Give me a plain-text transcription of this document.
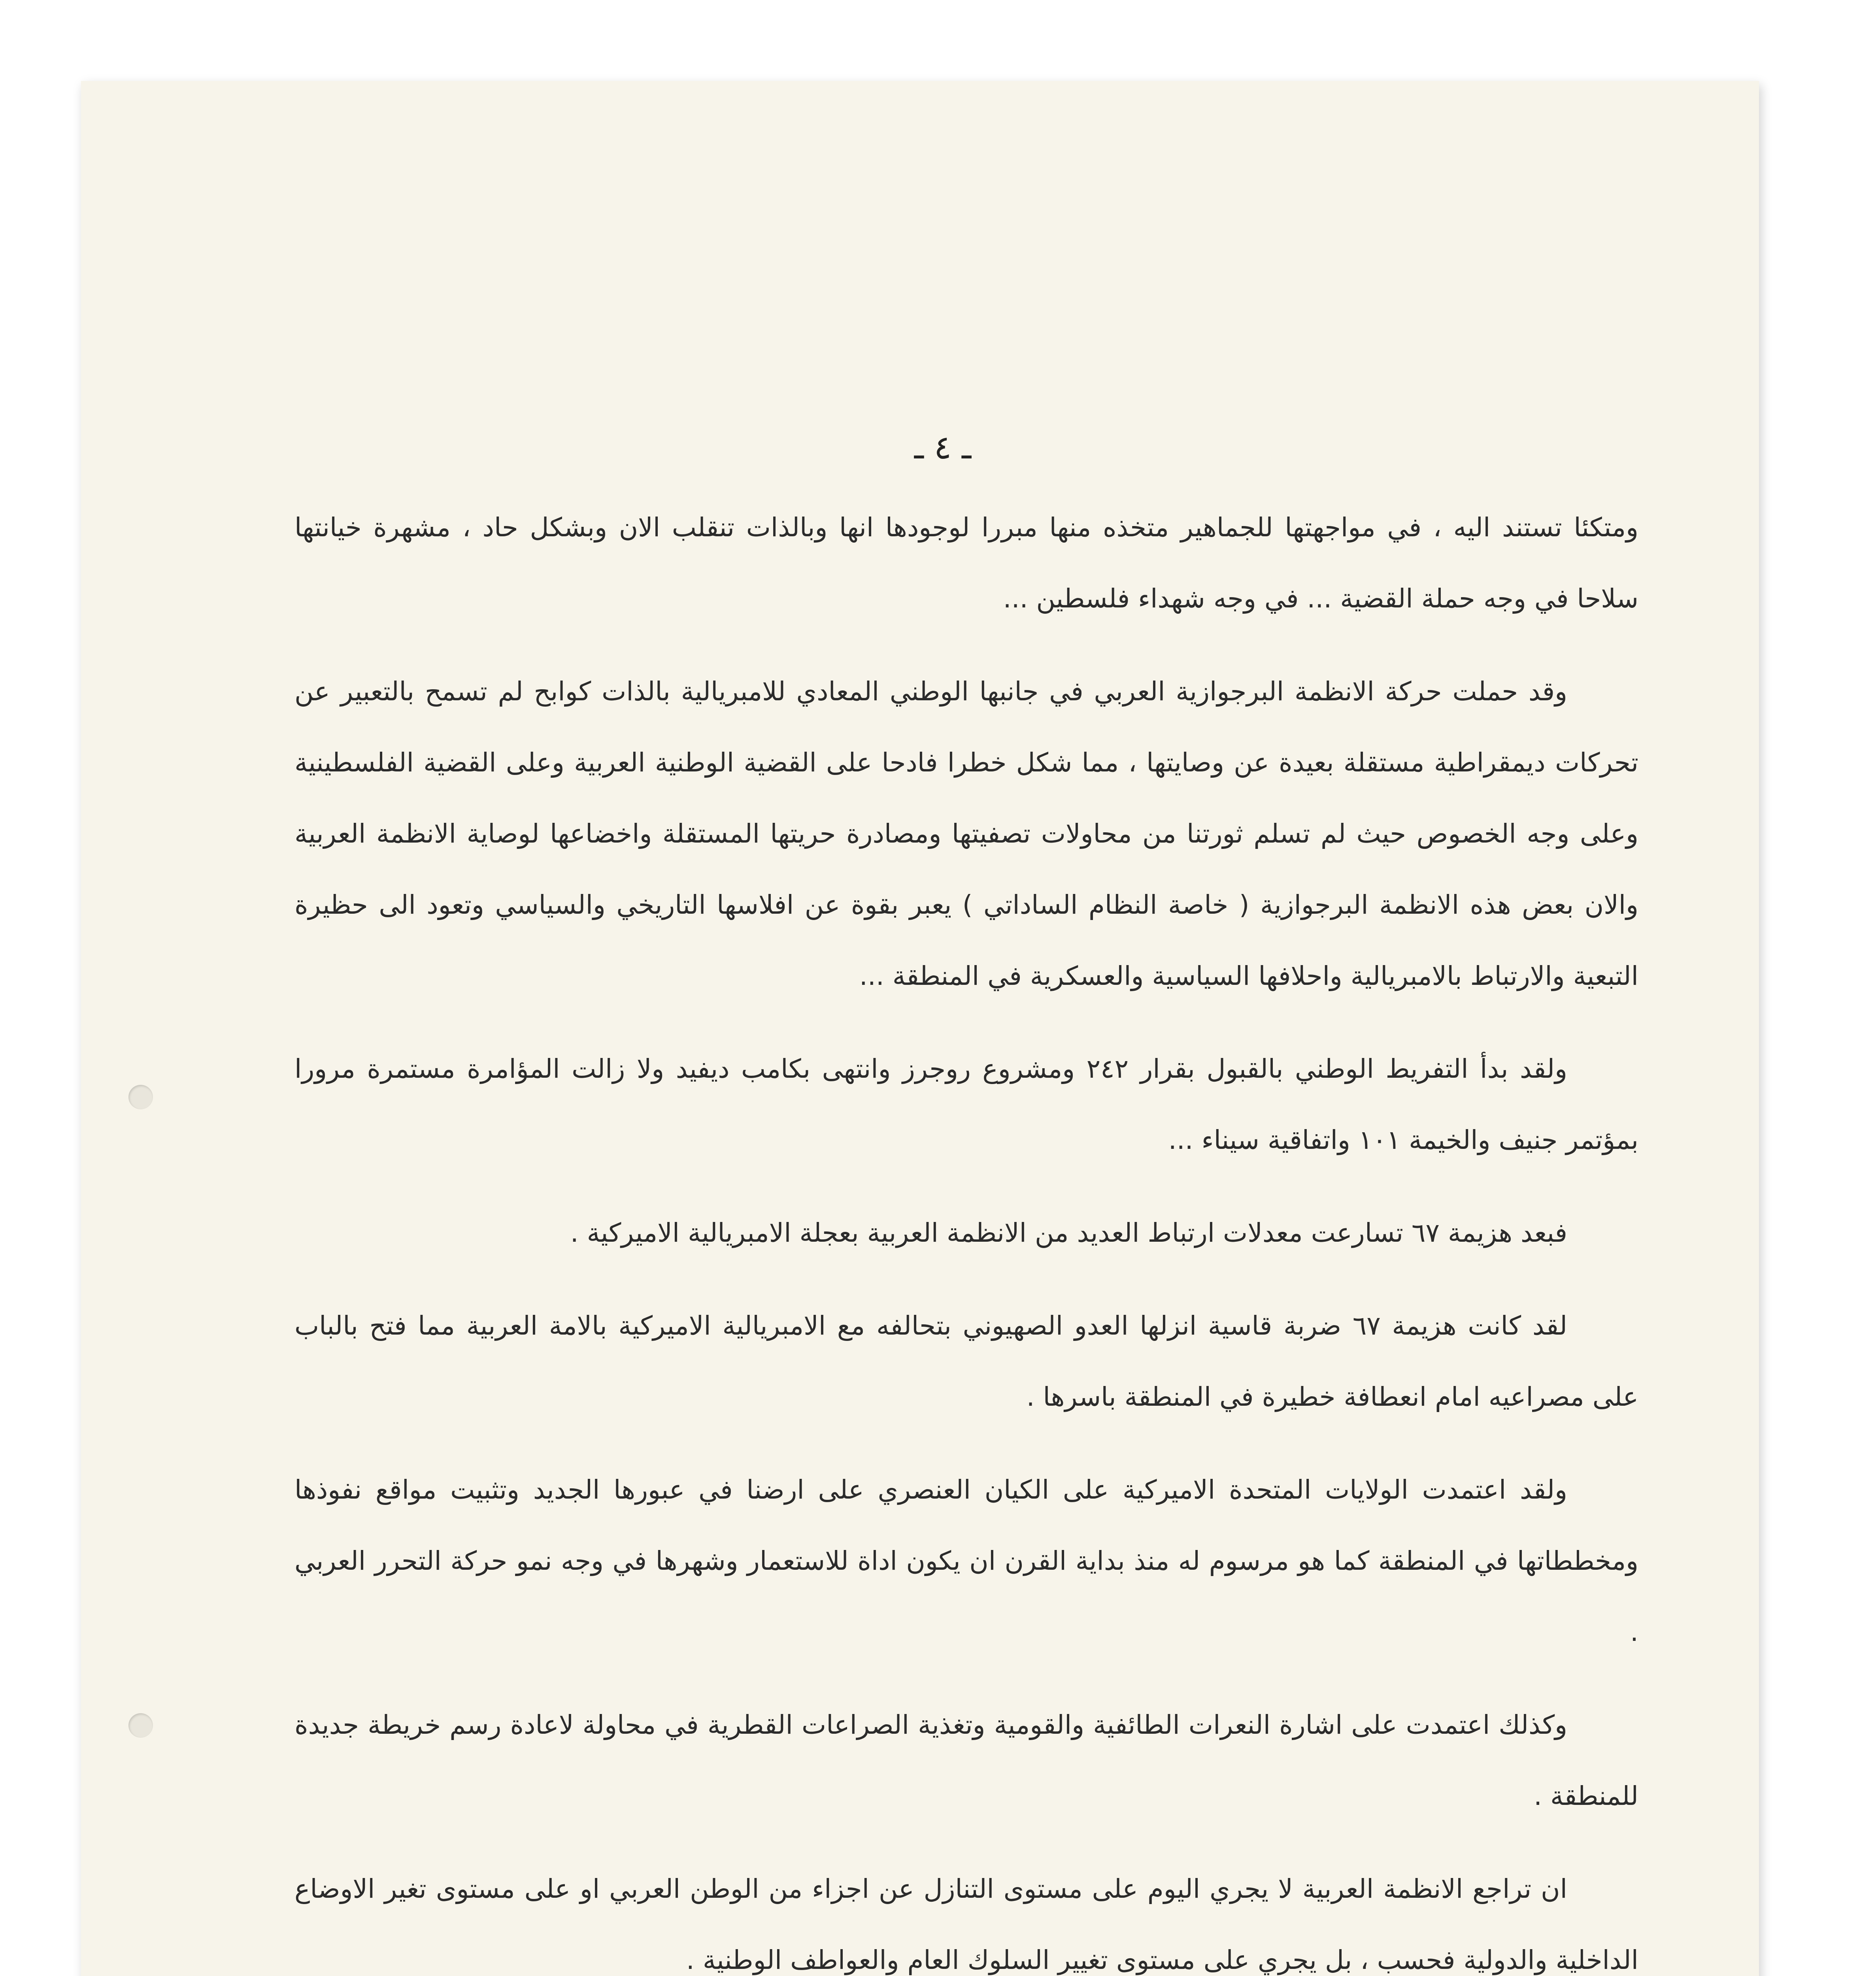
ـ ٤ ـ

ومتكئا تستند اليه ، في مواجهتها للجماهير متخذه منها مبررا لوجودها انها وبالذات تنقلب الان وبشكل حاد ، مشهرة خيانتها سلاحا في وجه حملة القضية ... في وجه شهداء فلسطين ...

وقد حملت حركة الانظمة البرجوازية العربي في جانبها الوطني المعادي للامبريالية بالذات كوابح لم تسمح بالتعبير عن تحركات ديمقراطية مستقلة بعيدة عن وصايتها ، مما شكل خطرا فادحا على القضية الوطنية العربية وعلى القضية الفلسطينية وعلى وجه الخصوص حيث لم تسلم ثورتنا من محاولات تصفيتها ومصادرة حريتها المستقلة واخضاعها لوصاية الانظمة العربية والان بعض هذه الانظمة البرجوازية ( خاصة النظام الساداتي ) يعبر بقوة عن افلاسها التاريخي والسياسي وتعود الى حظيرة التبعية والارتباط بالامبريالية واحلافها السياسية والعسكرية في المنطقة ...

ولقد بدأ التفريط الوطني بالقبول بقرار ٢٤٢ ومشروع روجرز وانتهى بكامب ديفيد ولا زالت المؤامرة مستمرة مرورا بمؤتمر جنيف والخيمة ١٠١ واتفاقية سيناء ...

فبعد هزيمة ٦٧ تسارعت معدلات ارتباط العديد من الانظمة العربية بعجلة الامبريالية الاميركية .

لقد كانت هزيمة ٦٧ ضربة قاسية انزلها العدو الصهيوني بتحالفه مع الامبريالية الاميركية بالامة العربية مما فتح بالباب على مصراعيه امام انعطافة خطيرة في المنطقة باسرها .

ولقد اعتمدت الولايات المتحدة الاميركية على الكيان العنصري على ارضنا في عبورها الجديد وتثبيت مواقع نفوذها ومخططاتها في المنطقة كما هو مرسوم له منذ بداية القرن ان يكون اداة للاستعمار وشهرها في وجه نمو حركة التحرر العربي .

وكذلك اعتمدت على اشارة النعرات الطائفية والقومية وتغذية الصراعات القطرية في محاولة لاعادة رسم خريطة جديدة للمنطقة .

ان تراجع الانظمة العربية لا يجري اليوم على مستوى التنازل عن اجزاء من الوطن العربي او على مستوى تغير الاوضاع الداخلية والدولية فحسب ، بل يجري على مستوى تغيير السلوك العام والعواطف الوطنية .
